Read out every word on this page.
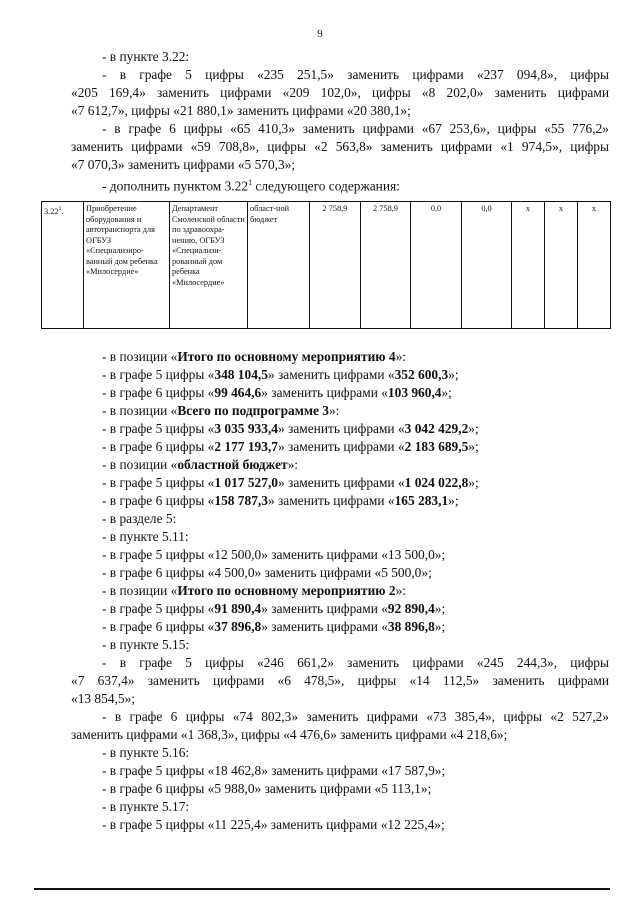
9

- в пункте 3.22:

- в графе 5 цифры «235 251,5» заменить цифрами «237 094,8», цифры

«205 169,4» заменить цифрами «209 102,0», цифры «8 202,0» заменить цифрами

«7 612,7», цифры «21 880,1» заменить цифрами «20 380,1»;

- в графе 6 цифры «65 410,3» заменить цифрами «67 253,6», цифры «55 776,2»

заменить цифрами «59 708,8», цифры «2 563,8» заменить цифрами «1 974,5», цифры

«7 070,3» заменить цифрами «5 570,3»;

- дополнить пунктом 3.22$^1$ следующего содержания:

3.22$^1$.	Приобретение оборудования и автотранспорта для ОГБУЗ «Специализиро-ванный дом ребенка «Милосердие»	Департамент Смоленской области по здравоохра-нению, ОГБУЗ «Специализи-рованный дом ребенка «Милосердие»	област-ной бюджет	2 758,9	2 758,9	0,0	0,0	x	x	x

- в позиции «Итого по основному мероприятию 4»:

- в графе 5 цифры «348 104,5» заменить цифрами «352 600,3»;

- в графе 6 цифры «99 464,6» заменить цифрами «103 960,4»;

- в позиции «Всего по подпрограмме 3»:

- в графе 5 цифры «3 035 933,4» заменить цифрами «3 042 429,2»;

- в графе 6 цифры «2 177 193,7» заменить цифрами «2 183 689,5»;

- в позиции «областной бюджет»:

- в графе 5 цифры «1 017 527,0» заменить цифрами «1 024 022,8»;

- в графе 6 цифры «158 787,3» заменить цифрами «165 283,1»;

- в разделе 5:

- в пункте 5.11:

- в графе 5 цифры «12 500,0» заменить цифрами «13 500,0»;

- в графе 6 цифры «4 500,0» заменить цифрами «5 500,0»;

- в позиции «Итого по основному мероприятию 2»:

- в графе 5 цифры «91 890,4» заменить цифрами «92 890,4»;

- в графе 6 цифры «37 896,8» заменить цифрами «38 896,8»;

- в пункте 5.15:

- в графе 5 цифры «246 661,2» заменить цифрами «245 244,3», цифры

«7 637,4» заменить цифрами «6 478,5», цифры «14 112,5» заменить цифрами

«13 854,5»;

- в графе 6 цифры «74 802,3» заменить цифрами «73 385,4», цифры «2 527,2»

заменить цифрами «1 368,3», цифры «4 476,6» заменить цифрами «4 218,6»;

- в пункте 5.16:

- в графе 5 цифры «18 462,8» заменить цифрами «17 587,9»;

- в графе 6 цифры «5 988,0» заменить цифрами «5 113,1»;

- в пункте 5.17:

- в графе 5 цифры «11 225,4» заменить цифрами «12 225,4»;
